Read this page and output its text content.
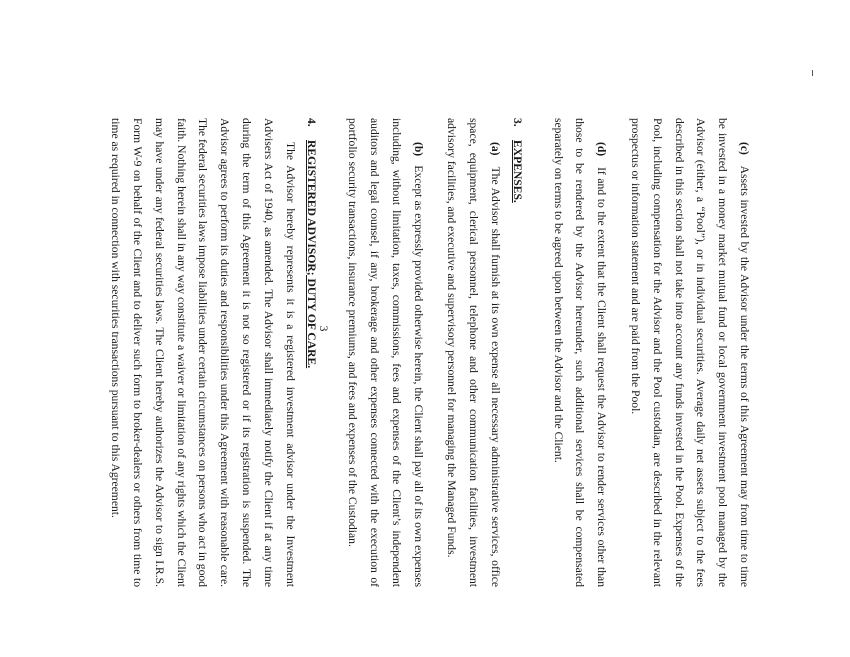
(c)   Assets invested by the Advisor under the terms of this Agreement may from time to time be invested in a money market mutual fund or local government investment pool managed by the Advisor (either, a “Pool”), or in individual securities. Average daily net assets subject to the fees described in this section shall not take into account any funds invested in the Pool. Expenses of the Pool, including compensation for the Advisor and the Pool custodian, are described in the relevant prospectus or information statement and are paid from the Pool.

(d)   If and to the extent that the Client shall request the Advisor to render services other than those to be rendered by the Advisor hereunder, such additional services shall be compensated separately on terms to be agreed upon between the Advisor and the Client.

3.EXPENSES.

(a)   The Advisor shall furnish at its own expense all necessary administrative services, office space, equipment, clerical personnel, telephone and other communication facilities, investment advisory facilities, and executive and supervisory personnel for managing the Managed Funds.

(b)   Except as expressly provided otherwise herein, the Client shall pay all of its own expenses including, without limitation, taxes, commissions, fees and expenses of the Client’s independent auditors and legal counsel, if any, brokerage and other expenses connected with the execution of portfolio security transactions, insurance premiums, and fees and expenses of the Custodian.

4.REGISTERED ADVISOR; DUTY OF CARE.

The Advisor hereby represents it is a registered investment advisor under the Investment Advisers Act of 1940, as amended. The Advisor shall immediately notify the Client if at any time during the term of this Agreement it is not so registered or if its registration is suspended. The Advisor agrees to perform its duties and responsibilities under this Agreement with reasonable care. The federal securities laws impose liabilities under certain circumstances on persons who act in good faith. Nothing herein shall in any way constitute a waiver or limitation of any rights which the Client may have under any federal securities laws. The Client hereby authorizes the Advisor to sign I.R.S. Form W-9 on behalf of the Client and to deliver such form to broker-dealers or others from time to time as required in connection with securities transactions pursuant to this Agreement.	3
